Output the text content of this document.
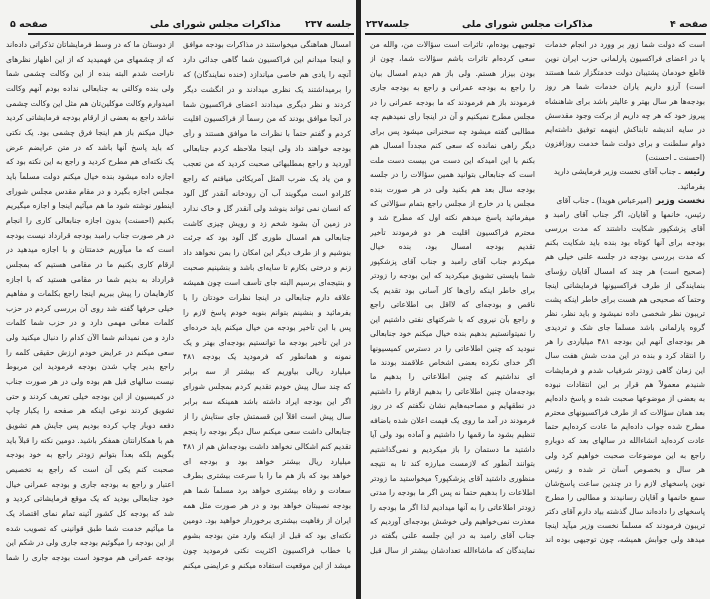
صفحه ۵	مذاکرات مجلس شورای ملی	جلسه ۲۳۷
امسال هماهنگی میخواستند در مذاکرات بودجه موافق
و اینجا میدانم این فراکسیون شما گاهی جدائی دارد
آنچه را یادی هم خاصی میاندازد (خنده نمایندگان) که
را برمیداشتند یک نظری میدادند و در انگشت دیگر
کردند و نظر دیگری میدادند اعضای فراکسیون شما
در آنجا موافق بودند که من رسماً از فراکسیون اقلیت
کردم و گفتم حتماً با نظرات ما موافق هستند و رأی
بودجه خواهند داد ولی اینجا ملاحظه کردم جنابعالی
آوردید و راجع بمطلبهائی صحبت کردید که من تعجب
و من یاد یک ضرب المثل آمریکائی میافتم که راجع
کلرادو است میگویند آب آن رودخانه آنقدر گل آلود
که انسان نمی تواند بنوشد ولی آنقدر گل و خاک ندارد
در زمین آن بشود شخم زد و رویش چیزی کاشت
جنابعالی هم امسال طوری گل آلود بود که جرئت
بنوشیم و از طرف دیگر این امکان را بمن نخواهد داد
زنم و درختی بکارم تا سایه‌ای باشد و بنشینیم صحبت
و بنتیجه‌ای برسیم البته جای تأسف است چون همیشه
علاقه دارم جنابعالی در اینجا نظرات خودتان را با
بفرمائید و بنشینم بتوانم بنوبه خودم پاسخ لازم را
پس با این تأخیر بودجه من خیال میکنم باید خرده‌ای
در این تأخیر بودجه ما توانستیم بودجه‌ای بهتر و یک
نمونه و همانطور که فرمودید یک بودجه ۴۸۱
میلیارد ریالی بیاوریم که بیشتر از سه برابر
که چند سال پیش خودم تقدیم کردم بمجلس شورای
اگر این بودجه ایراد داشته باشد همینکه سه برابر
سال پیش است اقلاً این قسمتش جای ستایش را از
جنابعالی داشت سعی میکنم سال دیگر بودجه را پنجم
تقدیم کنم اشکالی نخواهد داشت بودجه‌اش هم از ۴۸۱
میلیارد ریال بیشتر خواهد بود و بودجه ای
خواهد بود که باز هم ما را با سرعت بیشتری بطرف
سعادت و رفاه بیشتری خواهد برد مسلماً شما هم
بودجه نصیبتان خواهد بود و در هر صورت مثل همه
ایران از رفاهیت بیشتری برخوردار خواهید بود. دومین
نکته‌ای بود که قبل از اینکه وارد متن بودجه بشوم
با خطاب فراکسیون اکثریت نکتی فرمودید چون
میشد از این موقعیت استفاده میکنم و عرایضی میکنم
از دوستان ما که در وسط فرمایشاتان تذکراتی داده‌اند
که از چشمهای من فهمیدید که از این اظهار نظرهای
ناراحت شدم البته بنده از این وکالت چشمی شما
ولی بنده وکالتی به جنابعالی نداده بودم آنهم وکالت
امیدوارم وکالت موکلین‌تان هم مثل این وکالت چشمی
نباشد راجع به بعضی از ارقام بودجه فرمایشاتی کردید
خیال میکنم باز هم اینجا فرق چشمی بود. یک نکتی
که باید پاسخ آنها باشد که در متن عرایضم عرض
یک نکته‌ای هم مطرح کردید و راجع به این نکته بود که
اجازه داده میشود بنده خیال میکنم دولت مسلماً باید
مجلس اجازه بگیرد و در مقام مقدس مجلس شورای
اینطور نوشته شود ما هم میآئیم اینجا و اجازه میگیریم
بکنیم (احسنت) بدون اجازه جنابعالی کاری را انجام
در هر صورت جناب رامبد بودجه قرارداد نیست بودجه
است که ما میآوریم خدمتتان و با اجازه میدهید در
ارقام کاری بکنیم ما در مقامی هستیم که بمجلس
قرارداد به بدیم شما در مقامی هستید که با اجازه
کارهایمان را پیش ببریم اینجا راجع بکلمات و مفاهیم
خیلی حرفها گفته شد روی آن بررسی کردم در حزب
کلمات معانی مهمی دارد و در حزب شما کلمات
دارد و من نمیدانم شما الآن کدام را دنبال میکنید ولی
سعی میکنم در عرایض خودم ارزش حقیقی کلمه را
راجع بدیر چاپ شدن بودجه فرمودید این مربوط
نیست سالهای قبل هم بوده ولی در هر صورت جناب
در کمیسیون از این بودجه خیلی تعریف کردند و حتی
تشویق کردند نوعی اینکه هر صفحه را یکبار چاپ
دفعه دوبار چاپ کرده بودیم پس جایش هم تشویق
هم با همکارانتان همفکر باشید. دومین نکته را قبلاً باید
بگویم بلکه بعداً بتوانم زودتر راجع به خود بودجه
صحبت کنم یکی آن است که راجع به تخصیص
اعتبار و راجع به بودجه جاری و بودجه عمرانی خیال
خود جنابعالی بودید که یک موقع فرمایشاتی کردید و
شد که بودجه کل کشور آئینه تمام نمای اقتصاد یک
ما میآئیم خدمت شما طبق قوانینی که تصویب شده
از این بودجه را میگوئیم بودجه جاری ولی در شکم این
بودجه عمرانی هم موجود است بودجه جاری را شما
جلسه۲۳۷	مذاکرات مجلس شورای ملی	صفحه ۴
است که دولت شما زور بر وورد در انجام خدمات
یا در اعضای فراکسیون پارلمانی حزب ایران نوین
قاطع خودمان پشتیبان دولت خدمتگزار شما هستند
است) آرزو داریم یاران خدمات شما هر روز
بودجه‌ها هر سال بهتر و عالیتر باشد برای شاهنشاه
پیروز خود که هر چه داریم از برکت وجود مقدسش
در سایه اندیشه تابناکش اینهمه توفیق داشته‌ایم
دوام سلطنت و برای دولت شما خدمت روزافزون
(احسنت ـ احسنت)
رئیسـ جناب آقای نخست وزیر فرمایشی دارید
بفرمائید.
نخست وزیر(امیرعباس هویدا) ـ جناب آقای
رئیس، خانمها و آقایان، اگر جناب آقای رامبد و
آقای پزشکپور شکایت داشتند که مدت بررسی
بودجه برای آنها کوتاه بود بنده باید شکایت بکنم
که مدت بررسی بودجه در جلسه علنی خیلی هم
(صحیح است) هر چند که امسال آقایان رؤسای
بنمایندگی از طرف فراکسیونها فرمایشاتی اینجا
وحتماً که صحیحی هم هست برای خاطر اینکه پشت
تریبون نظر شخصی داده نمیشود و باید نظر، نظر
گروه پارلمانی باشد مسلماً جای شک و تردیدی
هر بودجه‌ای آنهم این بودجه ۴۸۱ میلیاردی را هر
را انتقاد کرد و بنده در این مدت شش هفت سال
این زمان گاهی زودتر شرفیاب شدم و فرمایشات
شنیدم معمولاً هم قرار بر این انتقادات نبوده
به بعضی از موضوعها صحبت شده و پاسخ داده‌ایم
بعد همان سؤالات که از طرف فراکسیونهای محترم
مطرح شده جواب داده‌ایم ما عادت کرده‌ایم حتماً
عادت کرده‌اید انشاءالله در سالهای بعد که دوباره
راجع به این موضوعات صحبت خواهیم کرد ولی
هر سال و بخصوص آسان تر شده و رئیس
نوین پاسخهای لازم را در چندین ساعت پاسخ‌شان
سمع خانمها و آقایان رسانیدند و مطالبی را مطرح
پاسخهای را داده‌اند سال گذشته بیاد دارم آقای دکتر
تریبون فرمودند که مسلماً نخست وزیر میآید اینجا
میدهد ولی جوابش همیشه، چون توجیهی بوده اند
توجیهی بوده‌ام، تاثرات است سؤالات من، والله من
سعی کرده‌ام تاثرات باشم سؤالات شما، چون از
بودن بیزار هستم. ولی باز هم دیدم امسال بیان
را راجع به بودجه عمرانی و راجع به بودجه جاری
فرمودند باز هم فرمودند که ما بودجه عمرانی را در
مجلس مطرح نمیکنیم و آن در اینجا رأی نمیدهیم چه
مطالبی گفته میشود چه سخنرانی میشود پس برای
دیگر راهی نمانده که سعی کنم مجدداً امسال هم
بکنم با این امیدکه این دست من بیست دست ملت
است که جنابعالی بتوانید همین سؤالات را در جلسه
بودجه سال بعد هم بکنید ولی در هر صورت بنده
مجلس یا در خارج از مجلس راجع بتمام سؤالاتی که
میفرمائید پاسخ میدهم نکته اول که مطرح شد و
محترم فراکسیون اقلیت هر دو فرمودند تأخیر
تقدیم بودجه امسال بود، بنده خیال
میکردم جناب آقای رامبد و جناب آقای پزشکپور
شما بایستی تشویق میکردید که این بودجه را زودتر
برای خاطر اینکه رأی‌ها کار آسانی بود تقدیم یک
ناقص و بودجه‌ای که لااقل بی اطلاعاتی راجع
و راجع بآن نیروی که با شرکتهای نفتی داشتیم این
را نمیتوانستیم بدهیم بنده خیال میکنم خود جنابعالی
نبودید که چنین اطلاعاتی را در دسترس کمیسیونها
اگر خدای نکرده بعضی اشخاص علاقمند بودند ما
ای نداشتیم که چنین اطلاعاتی را بدهیم ما
بودجه‌مان چنین اطلاعاتی را بدهیم ارقام را داشتیم
در نطقهایم و مصاحبه‌هایم نشان نگفتم که در روز
فرمودند در آمد ما روی یک قیمت اعلان شده باضافه
تنظیم بشود ما رقمها را داشتیم و آماده بود ولی آیا
داشتید ما دستمان را باز میکردیم و نمی‌گذاشتیم
بتوانند آنطور که لازمست مبارزه کند تا به نتیجه
منظوری داشتید آقای پزشکپور؟ میخواستید ما زودتر
اطلاعات را بدهیم حتماً نه پس اگر ما بودجه را مدتی
زودتر اطلاعاتی را به آنها میدادیم لذا اگر ما بودجه را
معذرت نمی‌خواهیم ولی خوشش بودجه‌ای آوردیم که
جناب آقای رامبد به در این جلسه علنی بگفته در
نمایندگان که ماشاءالله تعدادشان بیشتر از سال قبل
